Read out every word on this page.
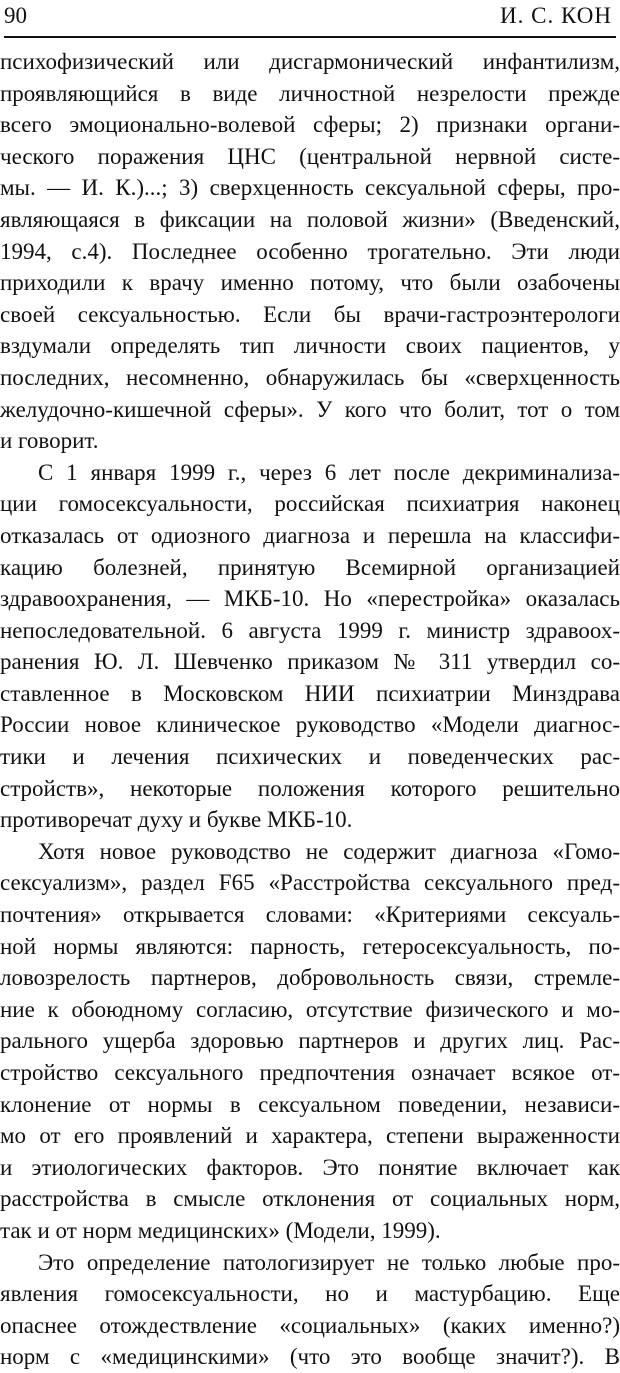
90	И. С. КОН
психофизический или дисгармонический инфантилизм,
проявляющийся в виде личностной незрелости прежде
всего эмоционально-волевой сферы; 2) признаки органи-
ческого поражения ЦНС (центральной нервной систе-
мы. — И. К.)...; 3) сверхценность сексуальной сферы, про-
являющаяся в фиксации на половой жизни» (Введенский,
1994, с.4). Последнее особенно трогательно. Эти люди
приходили к врачу именно потому, что были озабочены
своей сексуальностью. Если бы врачи-гастроэнтерологи
вздумали определять тип личности своих пациентов, у
последних, несомненно, обнаружилась бы «сверхценность
желудочно-кишечной сферы». У кого что болит, тот о том
и говорит.
С 1 января 1999 г., через 6 лет после декриминализа-
ции гомосексуальности, российская психиатрия наконец
отказалась от одиозного диагноза и перешла на классифи-
кацию болезней, принятую Всемирной организацией
здравоохранения, — МКБ-10. Но «перестройка» оказалась
непоследовательной. 6 августа 1999 г. министр здравоох-
ранения Ю. Л. Шевченко приказом № 311 утвердил со-
ставленное в Московском НИИ психиатрии Минздрава
России новое клиническое руководство «Модели диагнос-
тики и лечения психических и поведенческих рас-
стройств», некоторые положения которого решительно
противоречат духу и букве МКБ-10.
Хотя новое руководство не содержит диагноза «Гомо-
сексуализм», раздел F65 «Расстройства сексуального пред-
почтения» открывается словами: «Критериями сексуаль-
ной нормы являются: парность, гетеросексуальность, по-
ловозрелость партнеров, добровольность связи, стремле-
ние к обоюдному согласию, отсутствие физического и мо-
рального ущерба здоровью партнеров и других лиц. Рас-
стройство сексуального предпочтения означает всякое от-
клонение от нормы в сексуальном поведении, независи-
мо от его проявлений и характера, степени выраженности
и этиологических факторов. Это понятие включает как
расстройства в смысле отклонения от социальных норм,
так и от норм медицинских» (Модели, 1999).
Это определение патологизирует не только любые про-
явления гомосексуальности, но и мастурбацию. Еще
опаснее отождествление «социальных» (каких именно?)
норм с «медицинскими» (что это вообще значит?). В
